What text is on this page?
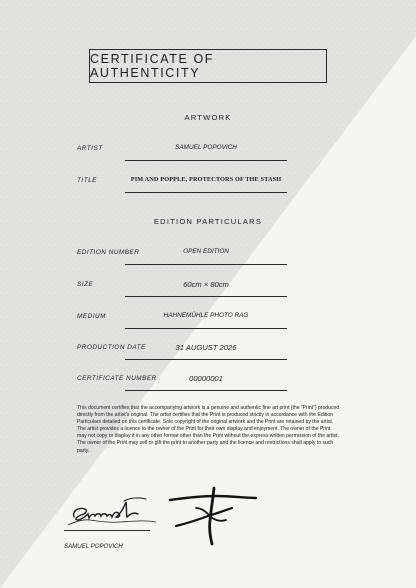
CERTIFICATE OF AUTHENTICITY
ARTWORK
ARTIST	SAMUEL POPOVICH
TITLE	PIM AND POPPLE, PROTECTORS OF THE STASH
EDITION PARTICULARS
EDITION NUMBER	OPEN EDITION
SIZE	60cm × 80cm
MEDIUM	HAHNEMÜHLE PHOTO RAG
PRODUCTION DATE	31 AUGUST 2026
CERTIFICATE NUMBER	00000001
This document certifies that the accompanying artwork is a genuine and authentic fine art print (the “Print”) produced directly from the artist’s original. The artist certifies that the Print is produced strictly in accordance with the Edition Particulars detailed on this certificate. Sole copyright of the original artwork and the Print are retained by the artist. The artist provides a licence to the owner of the Print for their own display and enjoyment. The owner of the Print may not copy or display it in any other format other than the Print without the express written permission of the artist. The owner of the Print may sell or gift the print to another party and the licence and restrictions shall apply to such party.
SAMUEL POPOVICH
